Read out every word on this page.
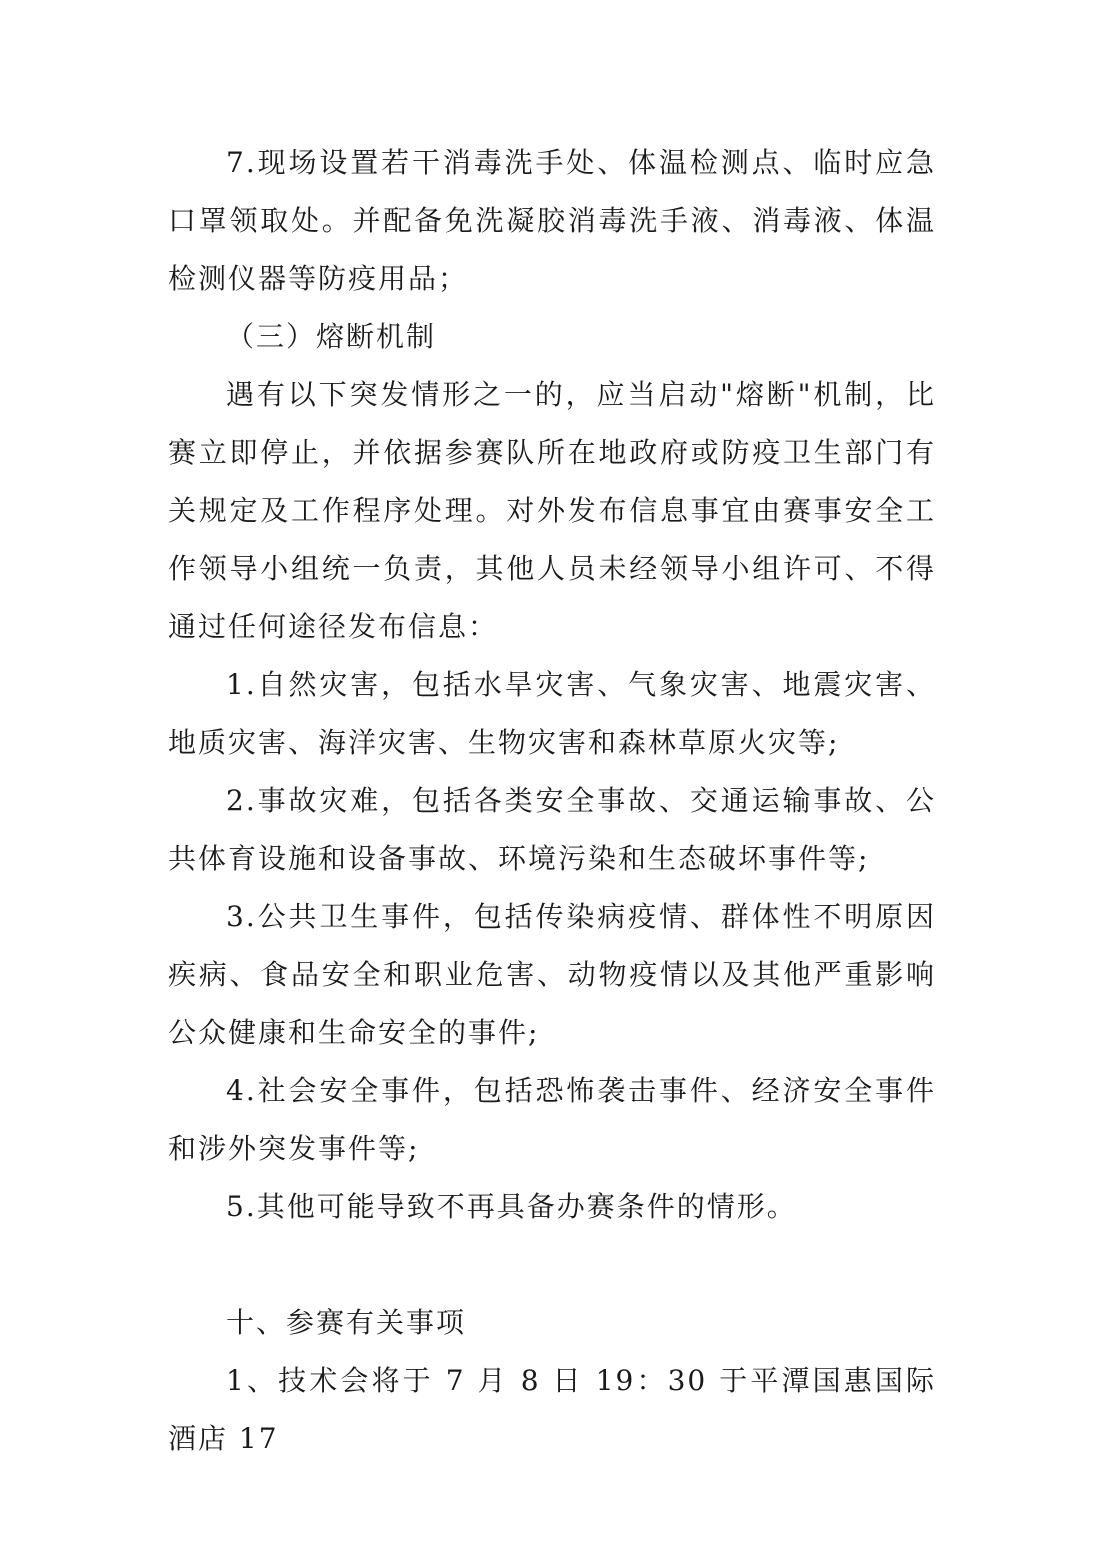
7.现场设置若干消毒洗手处、体温检测点、临时应急口罩领取处。并配备免洗凝胶消毒洗手液、消毒液、体温检测仪器等防疫用品；

（三）熔断机制

遇有以下突发情形之一的，应当启动"熔断"机制，比赛立即停止，并依据参赛队所在地政府或防疫卫生部门有关规定及工作程序处理。对外发布信息事宜由赛事安全工作领导小组统一负责，其他人员未经领导小组许可、不得通过任何途径发布信息：

1.自然灾害，包括水旱灾害、气象灾害、地震灾害、地质灾害、海洋灾害、生物灾害和森林草原火灾等;

2.事故灾难，包括各类安全事故、交通运输事故、公共体育设施和设备事故、环境污染和生态破坏事件等;

3.公共卫生事件，包括传染病疫情、群体性不明原因疾病、食品安全和职业危害、动物疫情以及其他严重影响公众健康和生命安全的事件;

4.社会安全事件，包括恐怖袭击事件、经济安全事件和涉外突发事件等;

5.其他可能导致不再具备办赛条件的情形。

十、参赛有关事项

1、技术会将于 7 月 8 日 19：30 于平潭国惠国际酒店 17
